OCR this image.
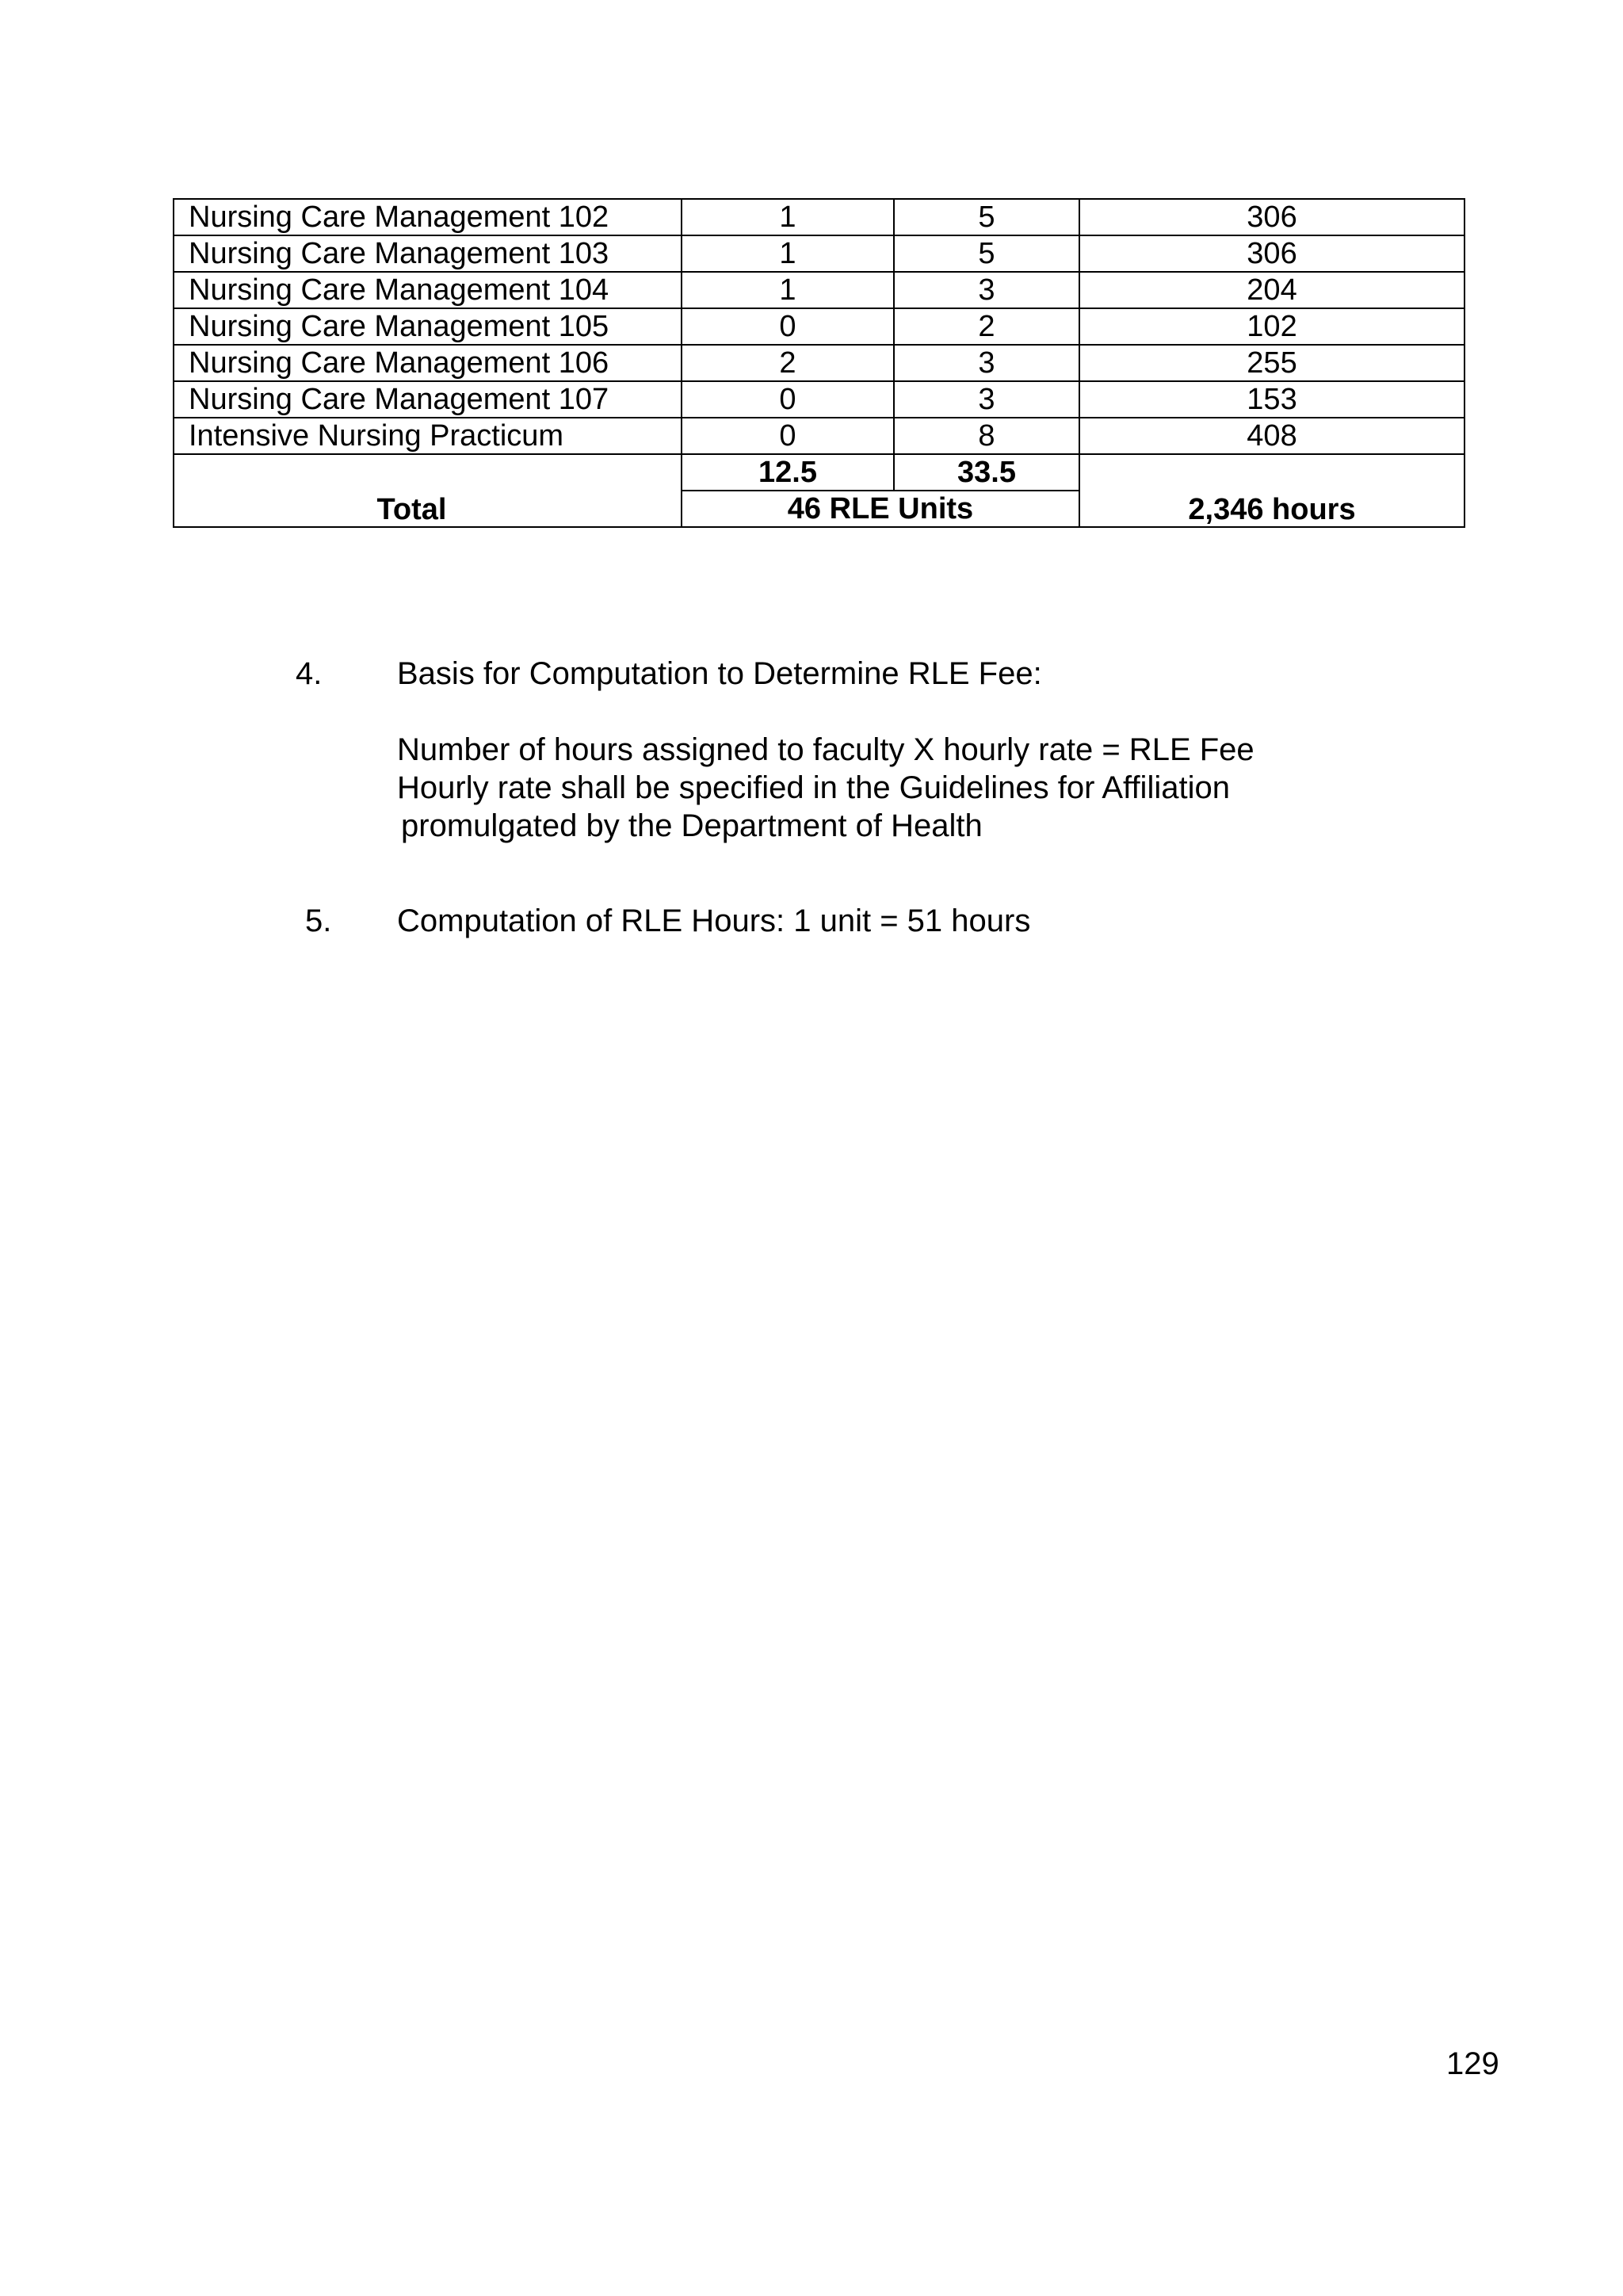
Nursing Care Management 102	1	5	306
Nursing Care Management 103	1	5	306
Nursing Care Management 104	1	3	204
Nursing Care Management 105	0	2	102
Nursing Care Management 106	2	3	255
Nursing Care Management 107	0	3	153
Intensive Nursing Practicum	0	8	408
Total	12.5	33.5	2,346 hours
	46 RLE Units		
4. Basis for Computation to Determine RLE Fee:
Number of hours assigned to faculty X hourly rate = RLE Fee
Hourly rate shall be specified in the Guidelines for Affiliation
promulgated by the Department of Health
5. Computation of RLE Hours: 1 unit = 51 hours
129
